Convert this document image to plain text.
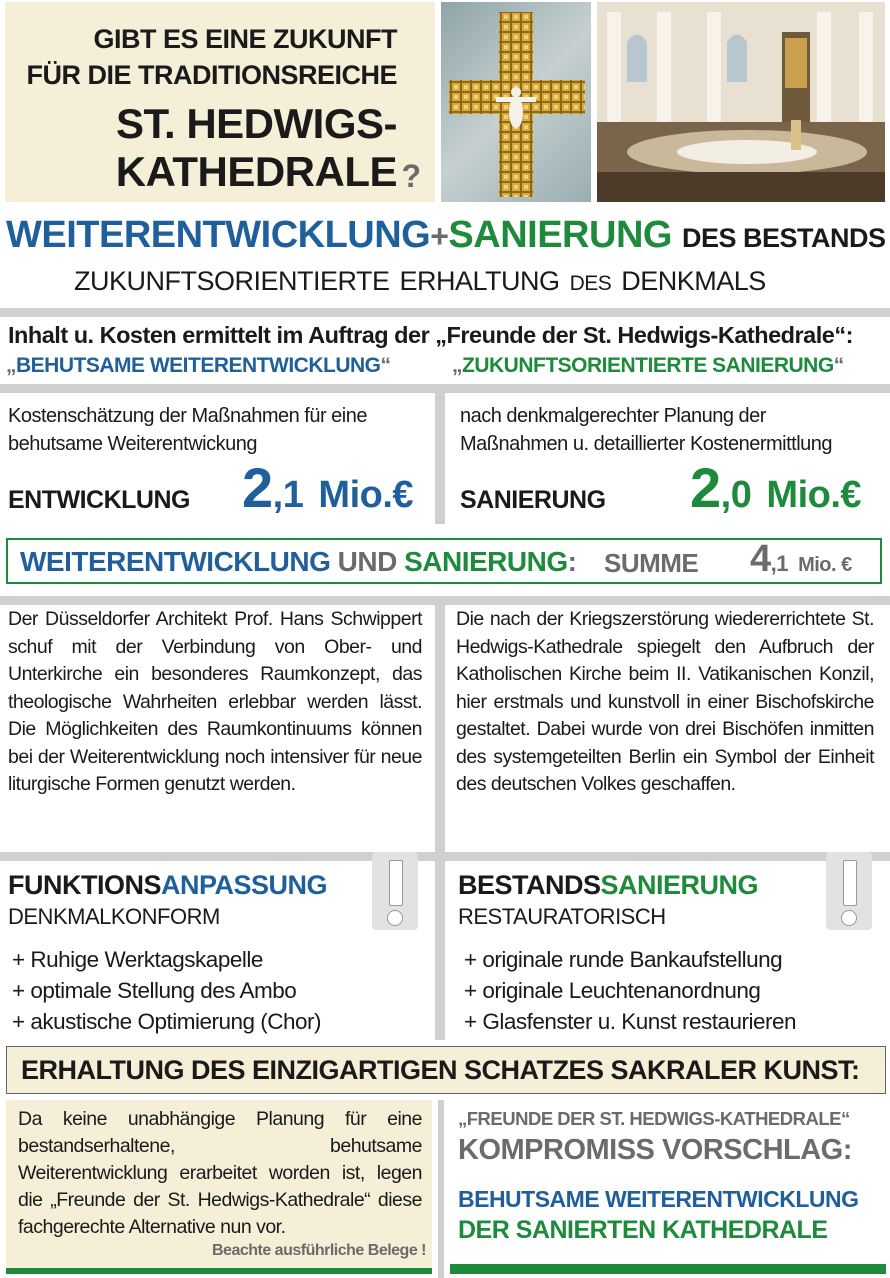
GIBT ES EINE ZUKUNFT
FÜR DIE TRADITIONSREICHE
ST. HEDWIGS-
KATHEDRALE ?
WEITERENTWICKLUNG+SANIERUNG DES BESTANDS
ZUKUNFTSORIENTIERTE ERHALTUNG DES DENKMALS
Inhalt u. Kosten ermittelt im Auftrag der „Freunde der St. Hedwigs-Kathedrale“:
„BEHUTSAME WEITERENTWICKLUNG“	„ZUKUNFTSORIENTIERTE SANIERUNG“
Kostenschätzung der Maßnahmen für eine behutsame Weiterentwickung
nach denkmalgerechter Planung der Maßnahmen u. detaillierter Kostenermittlung
ENTWICKLUNG 2,1 Mio.€ SANIERUNG 2,0 Mio.€
WEITERENTWICKLUNG UND SANIERUNG: SUMME 4,1 Mio. €
Der Düsseldorfer Architekt Prof. Hans Schwippert schuf mit der Verbindung von Ober- und Unterkirche ein besonderes Raumkonzept, das theologische Wahrheiten erlebbar werden lässt. Die Möglichkeiten des Raumkontinuums können bei der Weiterentwicklung noch intensiver für neue liturgische Formen genutzt werden.
Die nach der Kriegszerstörung wiedererrichtete St. Hedwigs-Kathedrale spiegelt den Aufbruch der Katholischen Kirche beim II. Vatikanischen Konzil, hier erstmals und kunstvoll in einer Bischofskirche gestaltet. Dabei wurde von drei Bischöfen inmitten des systemgeteilten Berlin ein Symbol der Einheit des deutschen Volkes geschaffen.
FUNKTIONSANPASSUNG
DENKMALKONFORM
+ Ruhige Werktagskapelle
+ optimale Stellung des Ambo
+ akustische Optimierung (Chor)
BESTANDSSANIERUNG
RESTAURATORISCH
+ originale runde Bankaufstellung
+ originale Leuchtenanordnung
+ Glasfenster u. Kunst restaurieren
ERHALTUNG DES EINZIGARTIGEN SCHATZES SAKRALER KUNST:
Da keine unabhängige Planung für eine bestandserhaltene, behutsame Weiterentwicklung erarbeitet worden ist, legen die „Freunde der St. Hedwigs-Kathedrale“ diese fachgerechte Alternative nun vor.
Beachte ausführliche Belege !
„FREUNDE DER ST. HEDWIGS-KATHEDRALE“
KOMPROMISS VORSCHLAG:
BEHUTSAME WEITERENTWICKLUNG
DER SANIERTEN KATHEDRALE
